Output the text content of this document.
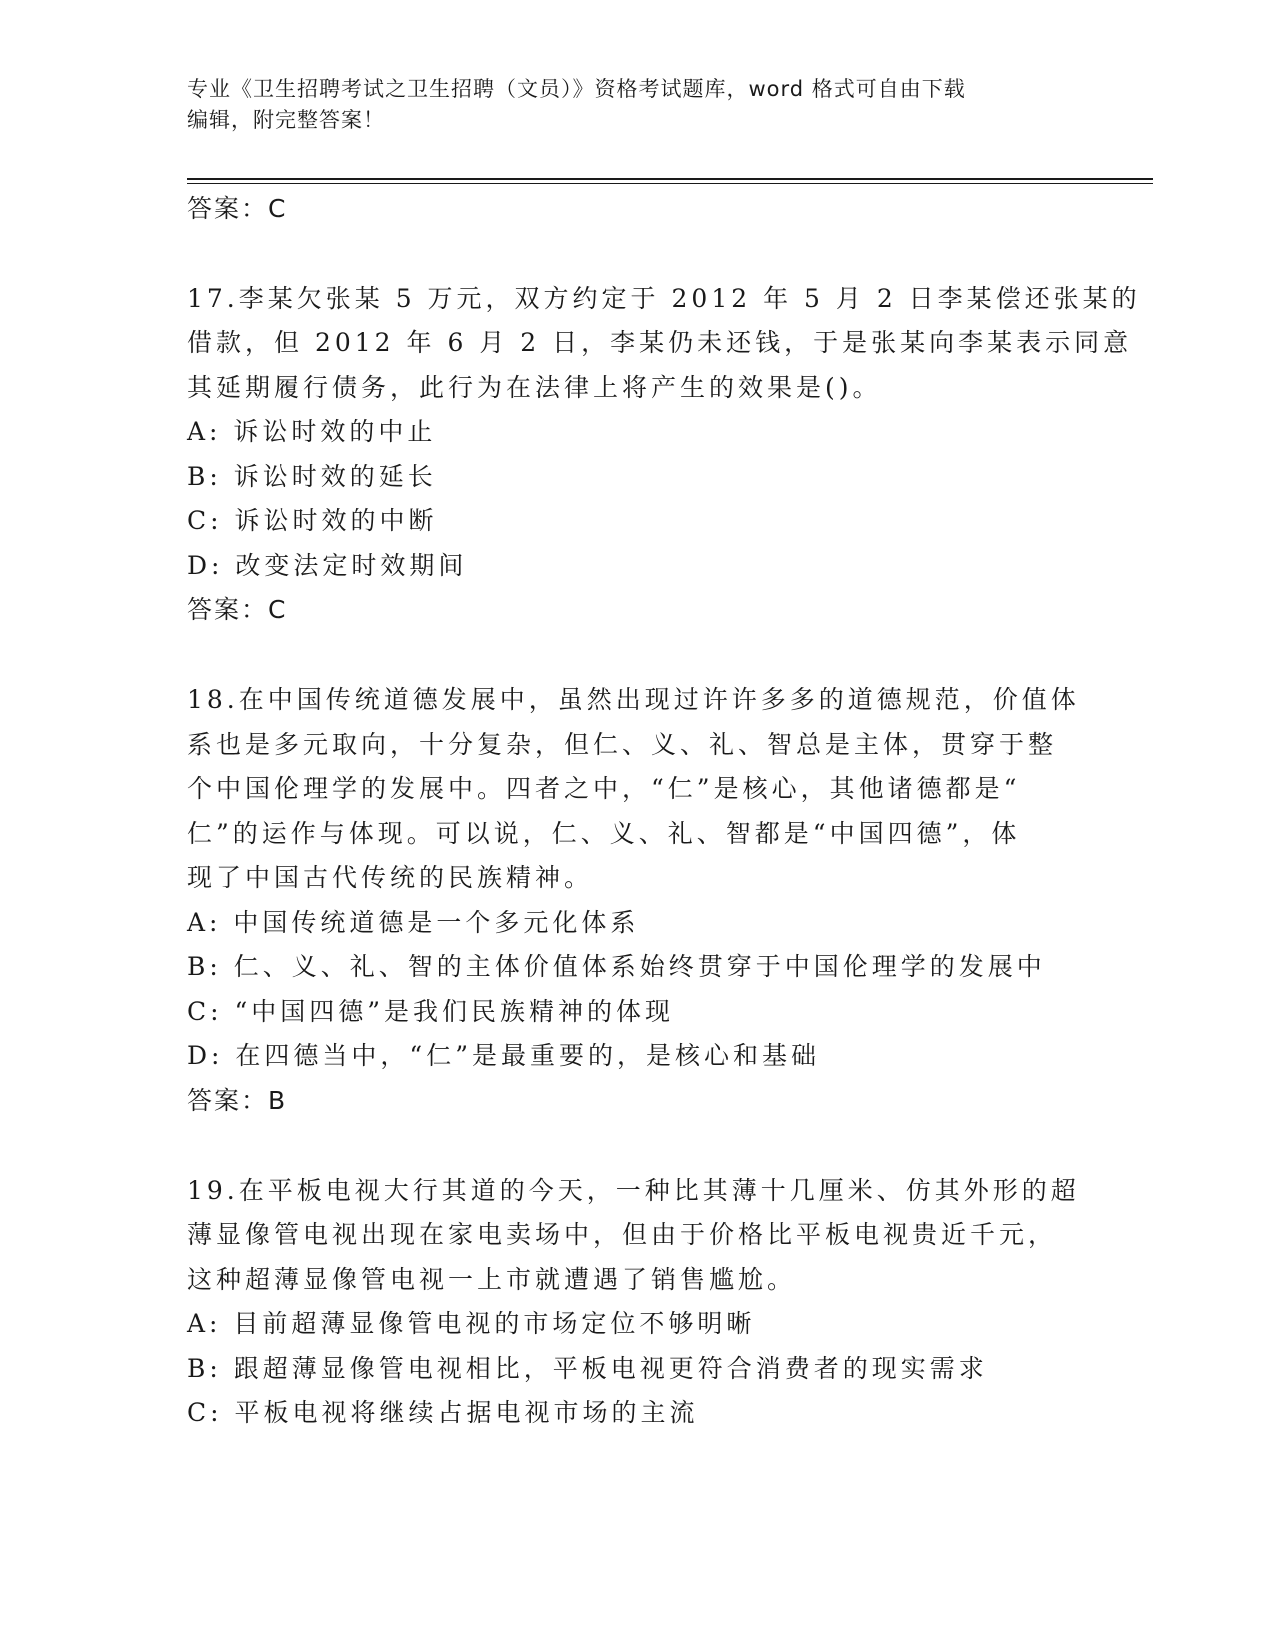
专业《卫生招聘考试之卫生招聘（文员）》资格考试题库，word 格式可自由下载
编辑，附完整答案！
答案：C
17.李某欠张某 5 万元，双方约定于 2012 年 5 月 2 日李某偿还张某的
借款，但 2012 年 6 月 2 日，李某仍未还钱，于是张某向李某表示同意
其延期履行债务，此行为在法律上将产生的效果是()。
A: 诉讼时效的中止
B: 诉讼时效的延长
C: 诉讼时效的中断
D: 改变法定时效期间
答案：C
18.在中国传统道德发展中，虽然出现过许许多多的道德规范，价值体
系也是多元取向，十分复杂，但仁、义、礼、智总是主体，贯穿于整
个中国伦理学的发展中。四者之中，“仁”是核心，其他诸德都是“
仁”的运作与体现。可以说，仁、义、礼、智都是“中国四德”，体
现了中国古代传统的民族精神。
A: 中国传统道德是一个多元化体系
B: 仁、义、礼、智的主体价值体系始终贯穿于中国伦理学的发展中
C: “中国四德”是我们民族精神的体现
D: 在四德当中，“仁”是最重要的，是核心和基础
答案：B
19.在平板电视大行其道的今天，一种比其薄十几厘米、仿其外形的超
薄显像管电视出现在家电卖场中，但由于价格比平板电视贵近千元，
这种超薄显像管电视一上市就遭遇了销售尴尬。
A: 目前超薄显像管电视的市场定位不够明晰
B: 跟超薄显像管电视相比，平板电视更符合消费者的现实需求
C: 平板电视将继续占据电视市场的主流
